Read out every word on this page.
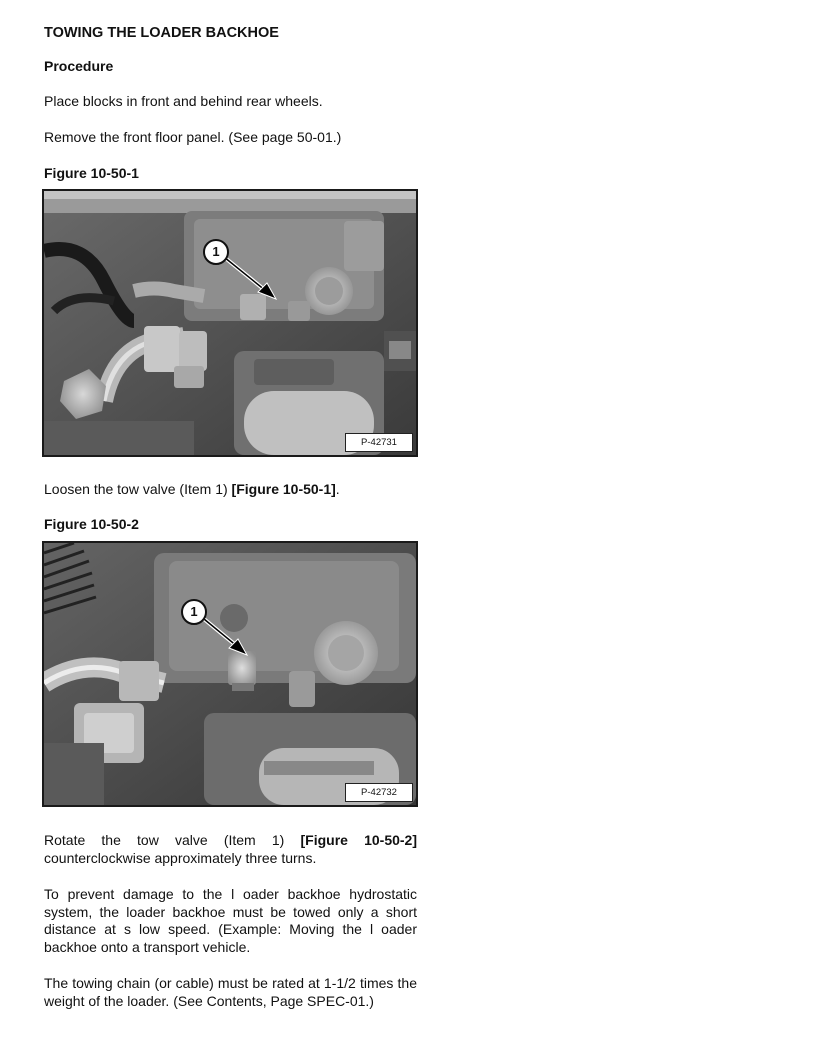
TOWING THE LOADER BACKHOE
Procedure
Place blocks in front and behind rear wheels.
Remove the front floor panel. (See page 50-01.)
Figure 10-50-1
1
P-42731
Loosen the tow valve (Item 1) [Figure 10-50-1].
Figure 10-50-2
1
P-42732
Rotate the tow valve (Item 1) [Figure 10-50-2] counterclockwise approximately three turns.
To prevent damage to the l oader backhoe hydrostatic system, the loader backhoe must be towed only a short distance at s low speed. (Example: Moving the l oader backhoe onto a transport vehicle.
The towing chain (or cable) must be rated at 1-1/2 times the weight of the loader. (See Contents, Page SPEC-01.)
